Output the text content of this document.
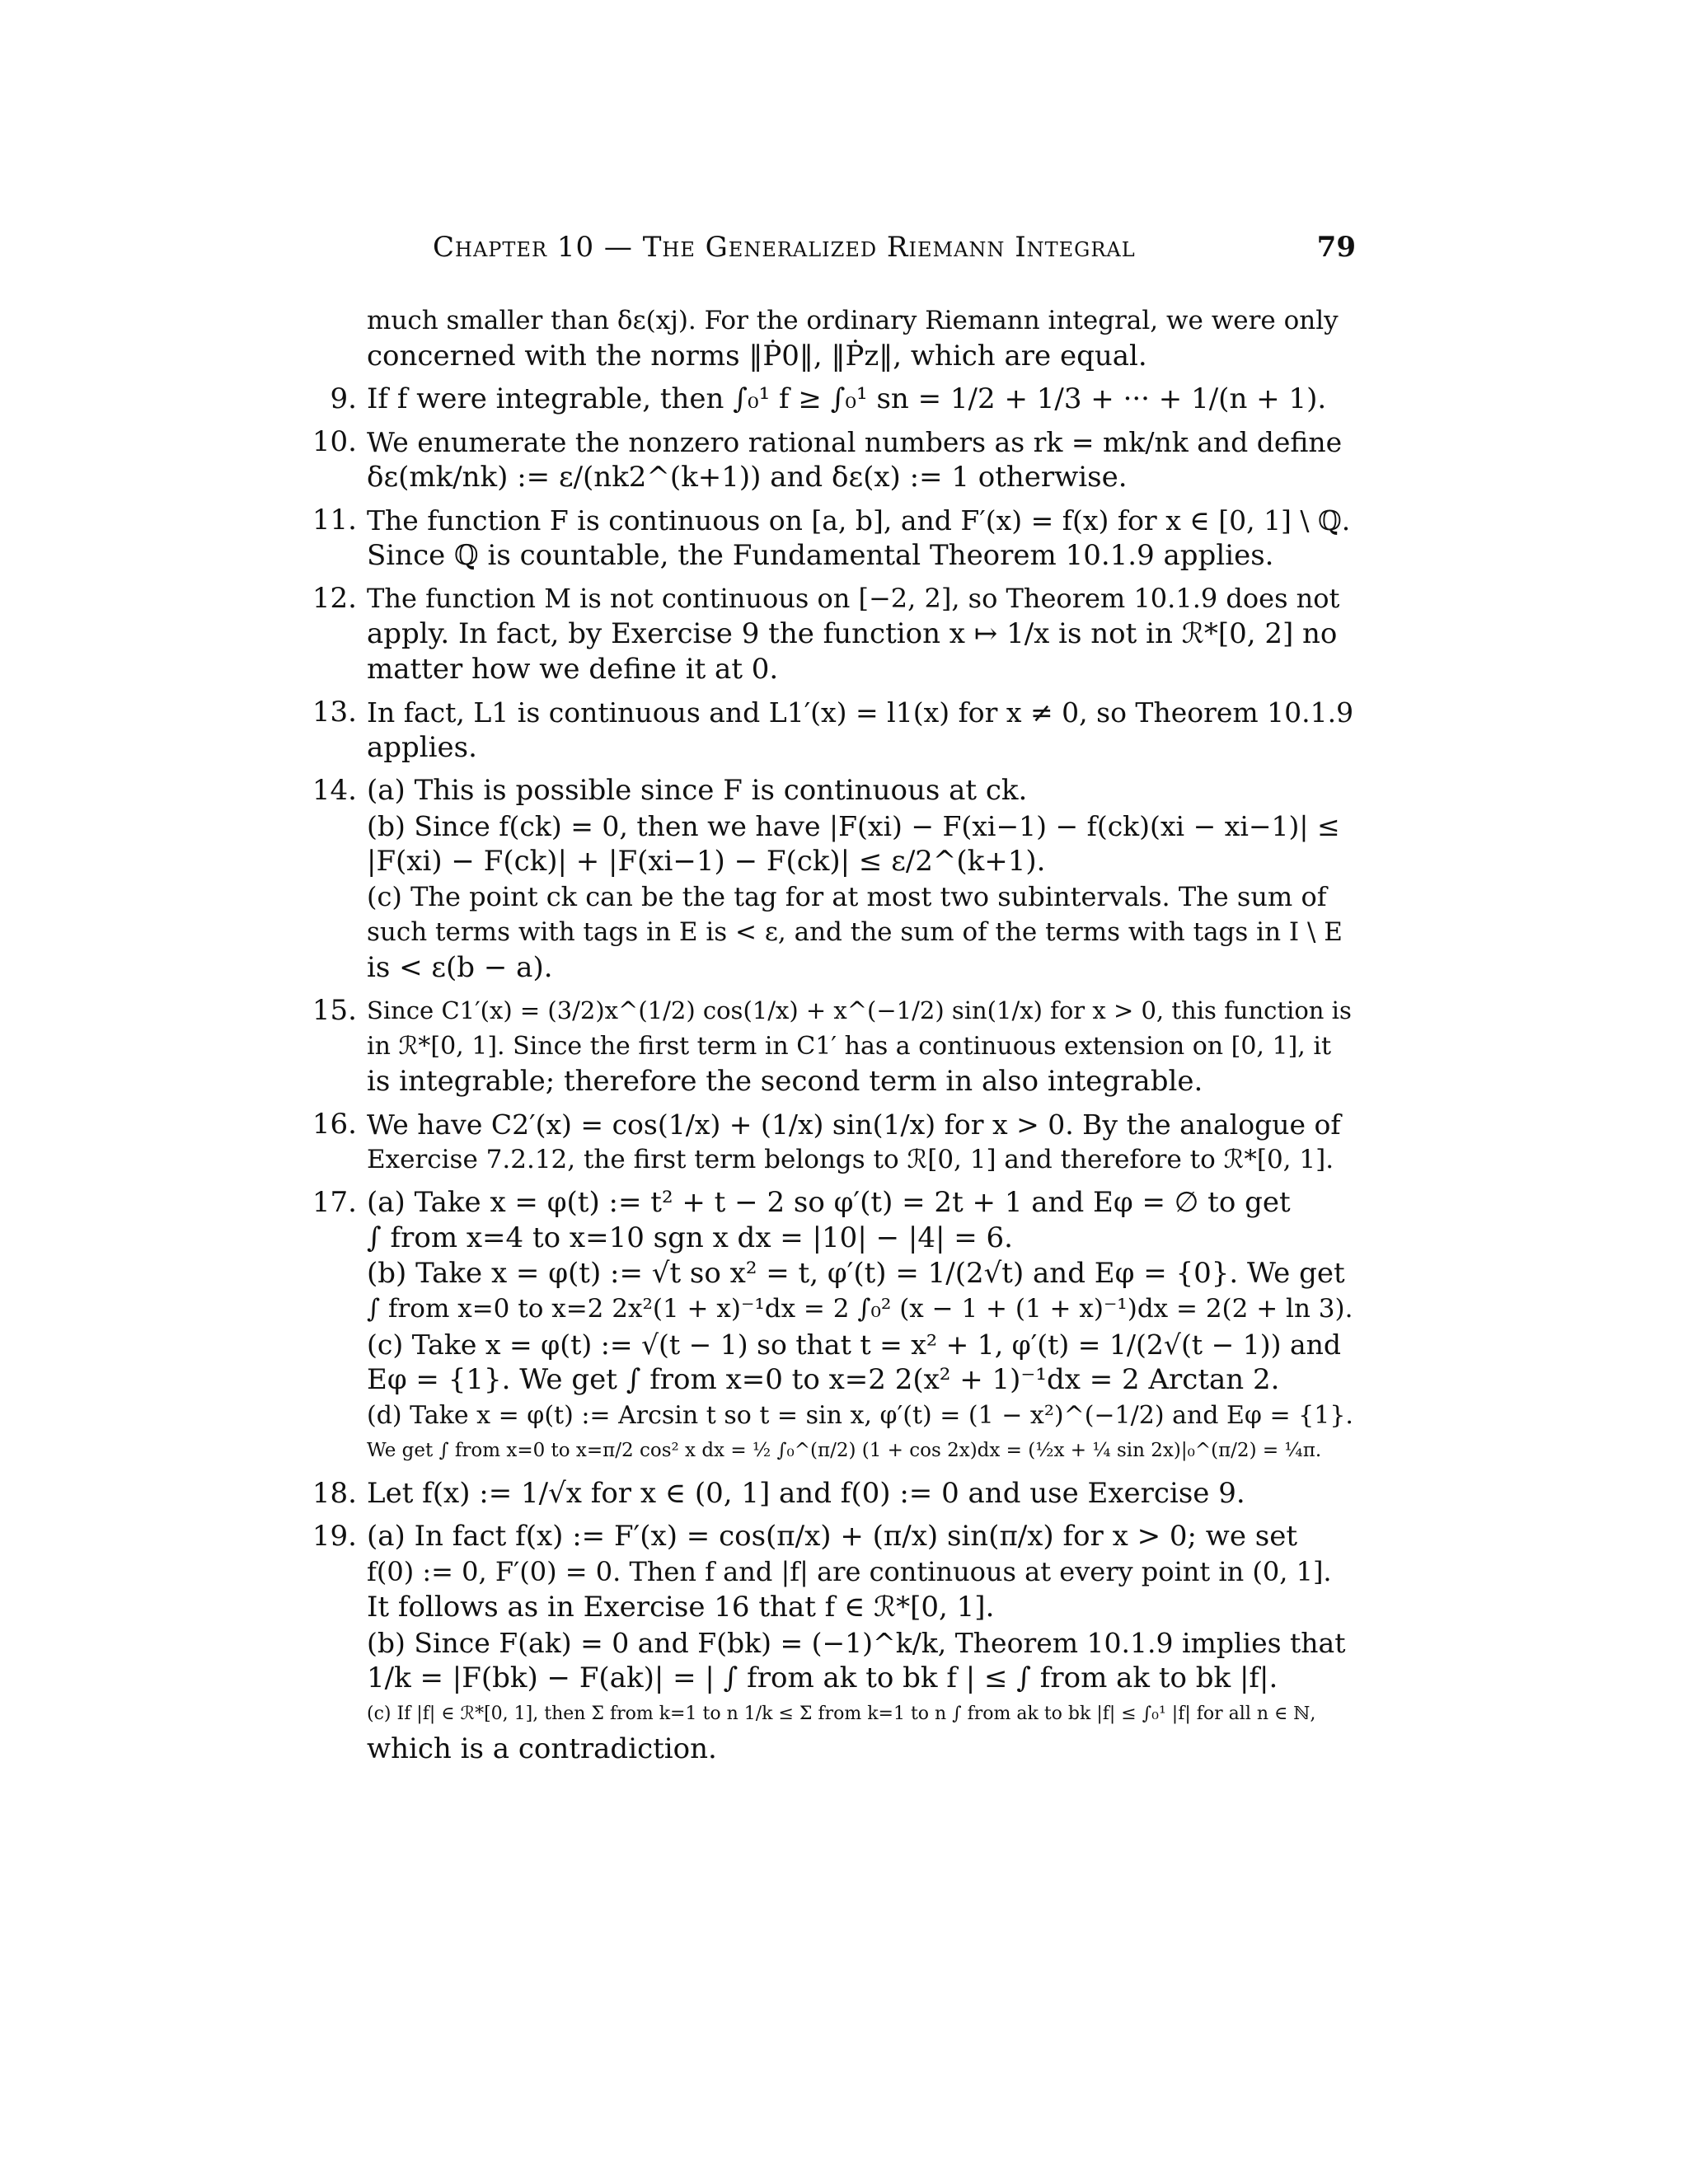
Chapter 10 — The Generalized Riemann Integral	79
much smaller than δε(xj). For the ordinary Riemann integral, we were only
concerned with the norms ‖Ṗ0‖, ‖Ṗz‖, which are equal.
9. If f were integrable, then ∫₀¹ f ≥ ∫₀¹ sn = 1/2 + 1/3 + ··· + 1/(n + 1).
10. We enumerate the nonzero rational numbers as rk = mk/nk and define
δε(mk/nk) := ε/(nk2^(k+1)) and δε(x) := 1 otherwise.
11. The function F is continuous on [a, b], and F′(x) = f(x) for x ∈ [0, 1] \ ℚ.
Since ℚ is countable, the Fundamental Theorem 10.1.9 applies.
12. The function M is not continuous on [−2, 2], so Theorem 10.1.9 does not
apply. In fact, by Exercise 9 the function x ↦ 1/x is not in ℛ*[0, 2] no
matter how we define it at 0.
13. In fact, L1 is continuous and L1′(x) = l1(x) for x ≠ 0, so Theorem 10.1.9
applies.
14. (a) This is possible since F is continuous at ck.
(b) Since f(ck) = 0, then we have |F(xi) − F(xi−1) − f(ck)(xi − xi−1)| ≤
|F(xi) − F(ck)| + |F(xi−1) − F(ck)| ≤ ε/2^(k+1).
(c) The point ck can be the tag for at most two subintervals. The sum of
such terms with tags in E is < ε, and the sum of the terms with tags in I \ E
is < ε(b − a).
15. Since C1′(x) = (3/2)x^(1/2) cos(1/x) + x^(−1/2) sin(1/x) for x > 0, this function is
in ℛ*[0, 1]. Since the first term in C1′ has a continuous extension on [0, 1], it
is integrable; therefore the second term in also integrable.
16. We have C2′(x) = cos(1/x) + (1/x) sin(1/x) for x > 0. By the analogue of
Exercise 7.2.12, the first term belongs to ℛ[0, 1] and therefore to ℛ*[0, 1].
17. (a) Take x = φ(t) := t² + t − 2 so φ′(t) = 2t + 1 and Eφ = ∅ to get
∫ from x=4 to x=10 sgn x dx = |10| − |4| = 6.
(b) Take x = φ(t) := √t so x² = t, φ′(t) = 1/(2√t) and Eφ = {0}. We get
∫ from x=0 to x=2 2x²(1 + x)⁻¹dx = 2 ∫₀² (x − 1 + (1 + x)⁻¹)dx = 2(2 + ln 3).
(c) Take x = φ(t) := √(t − 1) so that t = x² + 1, φ′(t) = 1/(2√(t − 1)) and
Eφ = {1}. We get ∫ from x=0 to x=2 2(x² + 1)⁻¹dx = 2 Arctan 2.
(d) Take x = φ(t) := Arcsin t so t = sin x, φ′(t) = (1 − x²)^(−1/2) and Eφ = {1}.
We get ∫ from x=0 to x=π/2 cos² x dx = ½ ∫₀^(π/2) (1 + cos 2x)dx = (½x + ¼ sin 2x)|₀^(π/2) = ¼π.
18. Let f(x) := 1/√x for x ∈ (0, 1] and f(0) := 0 and use Exercise 9.
19. (a) In fact f(x) := F′(x) = cos(π/x) + (π/x) sin(π/x) for x > 0; we set
f(0) := 0, F′(0) = 0. Then f and |f| are continuous at every point in (0, 1].
It follows as in Exercise 16 that f ∈ ℛ*[0, 1].
(b) Since F(ak) = 0 and F(bk) = (−1)^k/k, Theorem 10.1.9 implies that
1/k = |F(bk) − F(ak)| = | ∫ from ak to bk f | ≤ ∫ from ak to bk |f|.
(c) If |f| ∈ ℛ*[0, 1], then Σ from k=1 to n 1/k ≤ Σ from k=1 to n ∫ from ak to bk |f| ≤ ∫₀¹ |f| for all n ∈ ℕ,
which is a contradiction.
